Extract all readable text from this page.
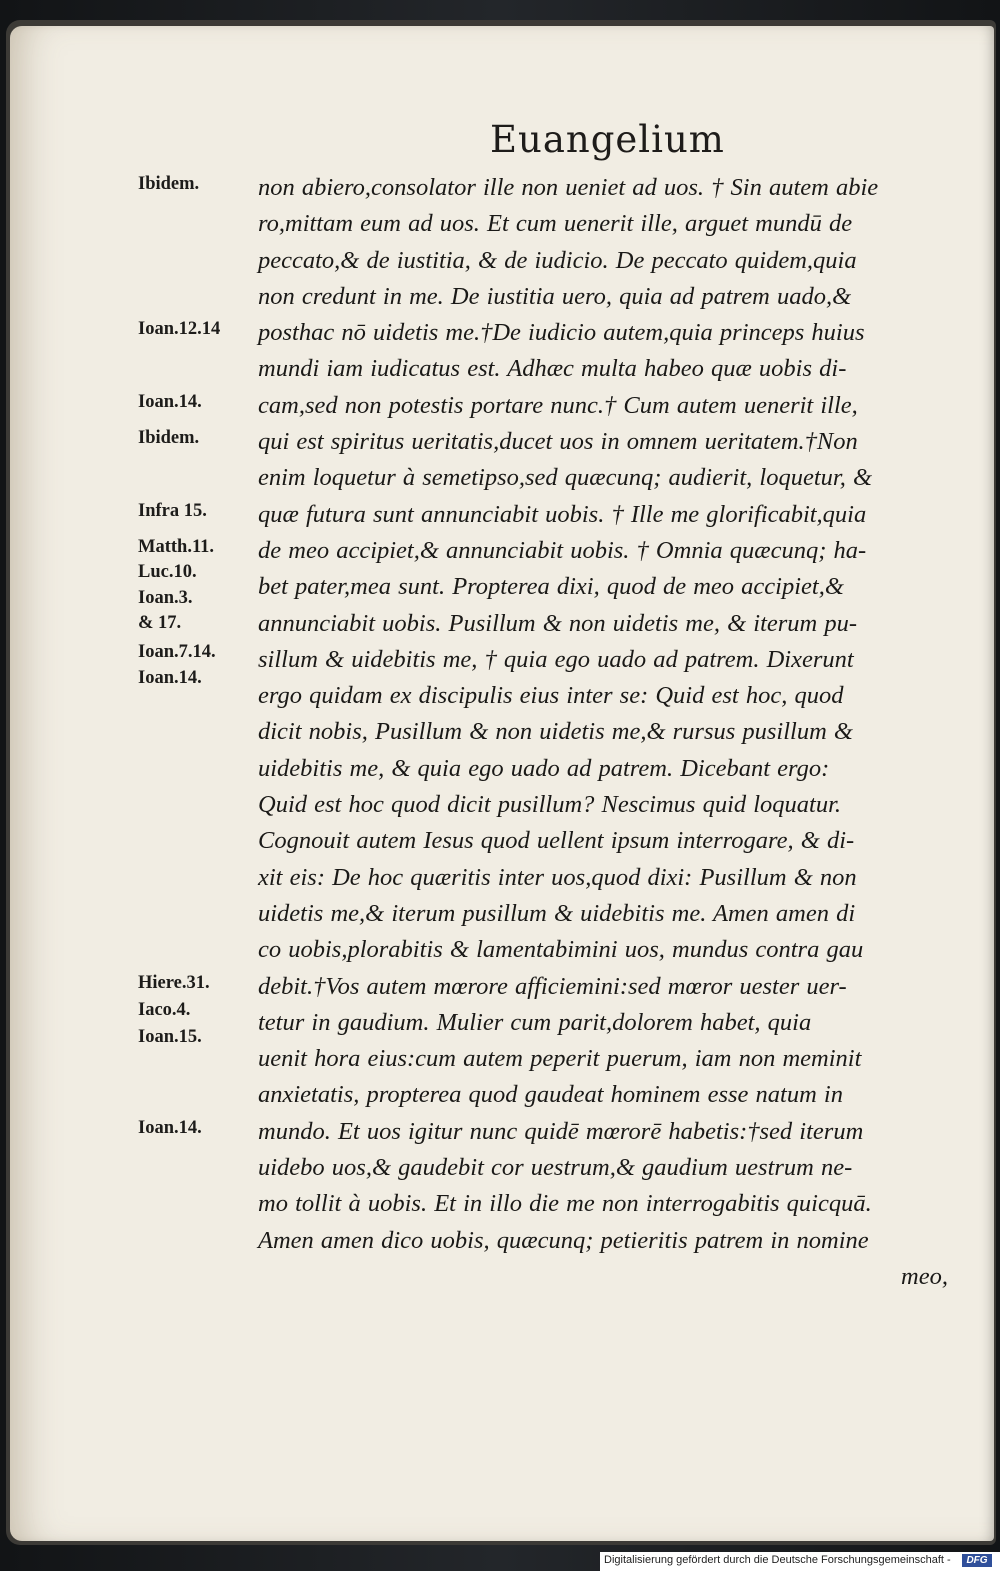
Euangelium
non abiero,consolator ille non ueniet ad uos. † Sin autem abie
ro,mittam eum ad uos. Et cum uenerit ille, arguet mundū de
peccato,& de iustitia, & de iudicio. De peccato quidem,quia
non credunt in me. De iustitia uero, quia ad patrem uado,&
posthac nō uidetis me.†De iudicio autem,quia princeps huius
mundi iam iudicatus est. Adhæc multa habeo quæ uobis di-
cam,sed non potestis portare nunc.† Cum autem uenerit ille,
qui est spiritus ueritatis,ducet uos in omnem ueritatem.†Non
enim loquetur à semetipso,sed quæcunq; audierit, loquetur, &
quæ futura sunt annunciabit uobis. † Ille me glorificabit,quia
de meo accipiet,& annunciabit uobis. † Omnia quæcunq; ha-
bet pater,mea sunt. Propterea dixi, quod de meo accipiet,&
annunciabit uobis. Pusillum & non uidetis me, & iterum pu-
sillum & uidebitis me, † quia ego uado ad patrem. Dixerunt
ergo quidam ex discipulis eius inter se: Quid est hoc, quod
dicit nobis, Pusillum & non uidetis me,& rursus pusillum &
uidebitis me, & quia ego uado ad patrem. Dicebant ergo:
Quid est hoc quod dicit pusillum? Nescimus quid loquatur.
Cognouit autem Iesus quod uellent ipsum interrogare, & di-
xit eis: De hoc quæritis inter uos,quod dixi: Pusillum & non
uidetis me,& iterum pusillum & uidebitis me. Amen amen di
co uobis,plorabitis & lamentabimini uos, mundus contra gau
debit.†Vos autem mœrore afficiemini:sed mœror uester uer-
tetur in gaudium. Mulier cum parit,dolorem habet, quia
uenit hora eius:cum autem peperit puerum, iam non meminit
anxietatis, propterea quod gaudeat hominem esse natum in
mundo. Et uos igitur nunc quidē mœrorē habetis:†sed iterum
uidebo uos,& gaudebit cor uestrum,& gaudium uestrum ne-
mo tollit à uobis. Et in illo die me non interrogabitis quicquā.
Amen amen dico uobis, quæcunq; petieritis patrem in nomine
meo,
Ibidem.
Ioan.12.14
Ioan.14.
Ibidem.
Infra 15.
Matth.11.
Luc.10.
Ioan.3.
& 17.
Ioan.7.14.
Ioan.14.
Hiere.31.
Iaco.4.
Ioan.15.
Ioan.14.
Digitalisierung gefördert durch die Deutsche Forschungsgemeinschaft -	DFG
